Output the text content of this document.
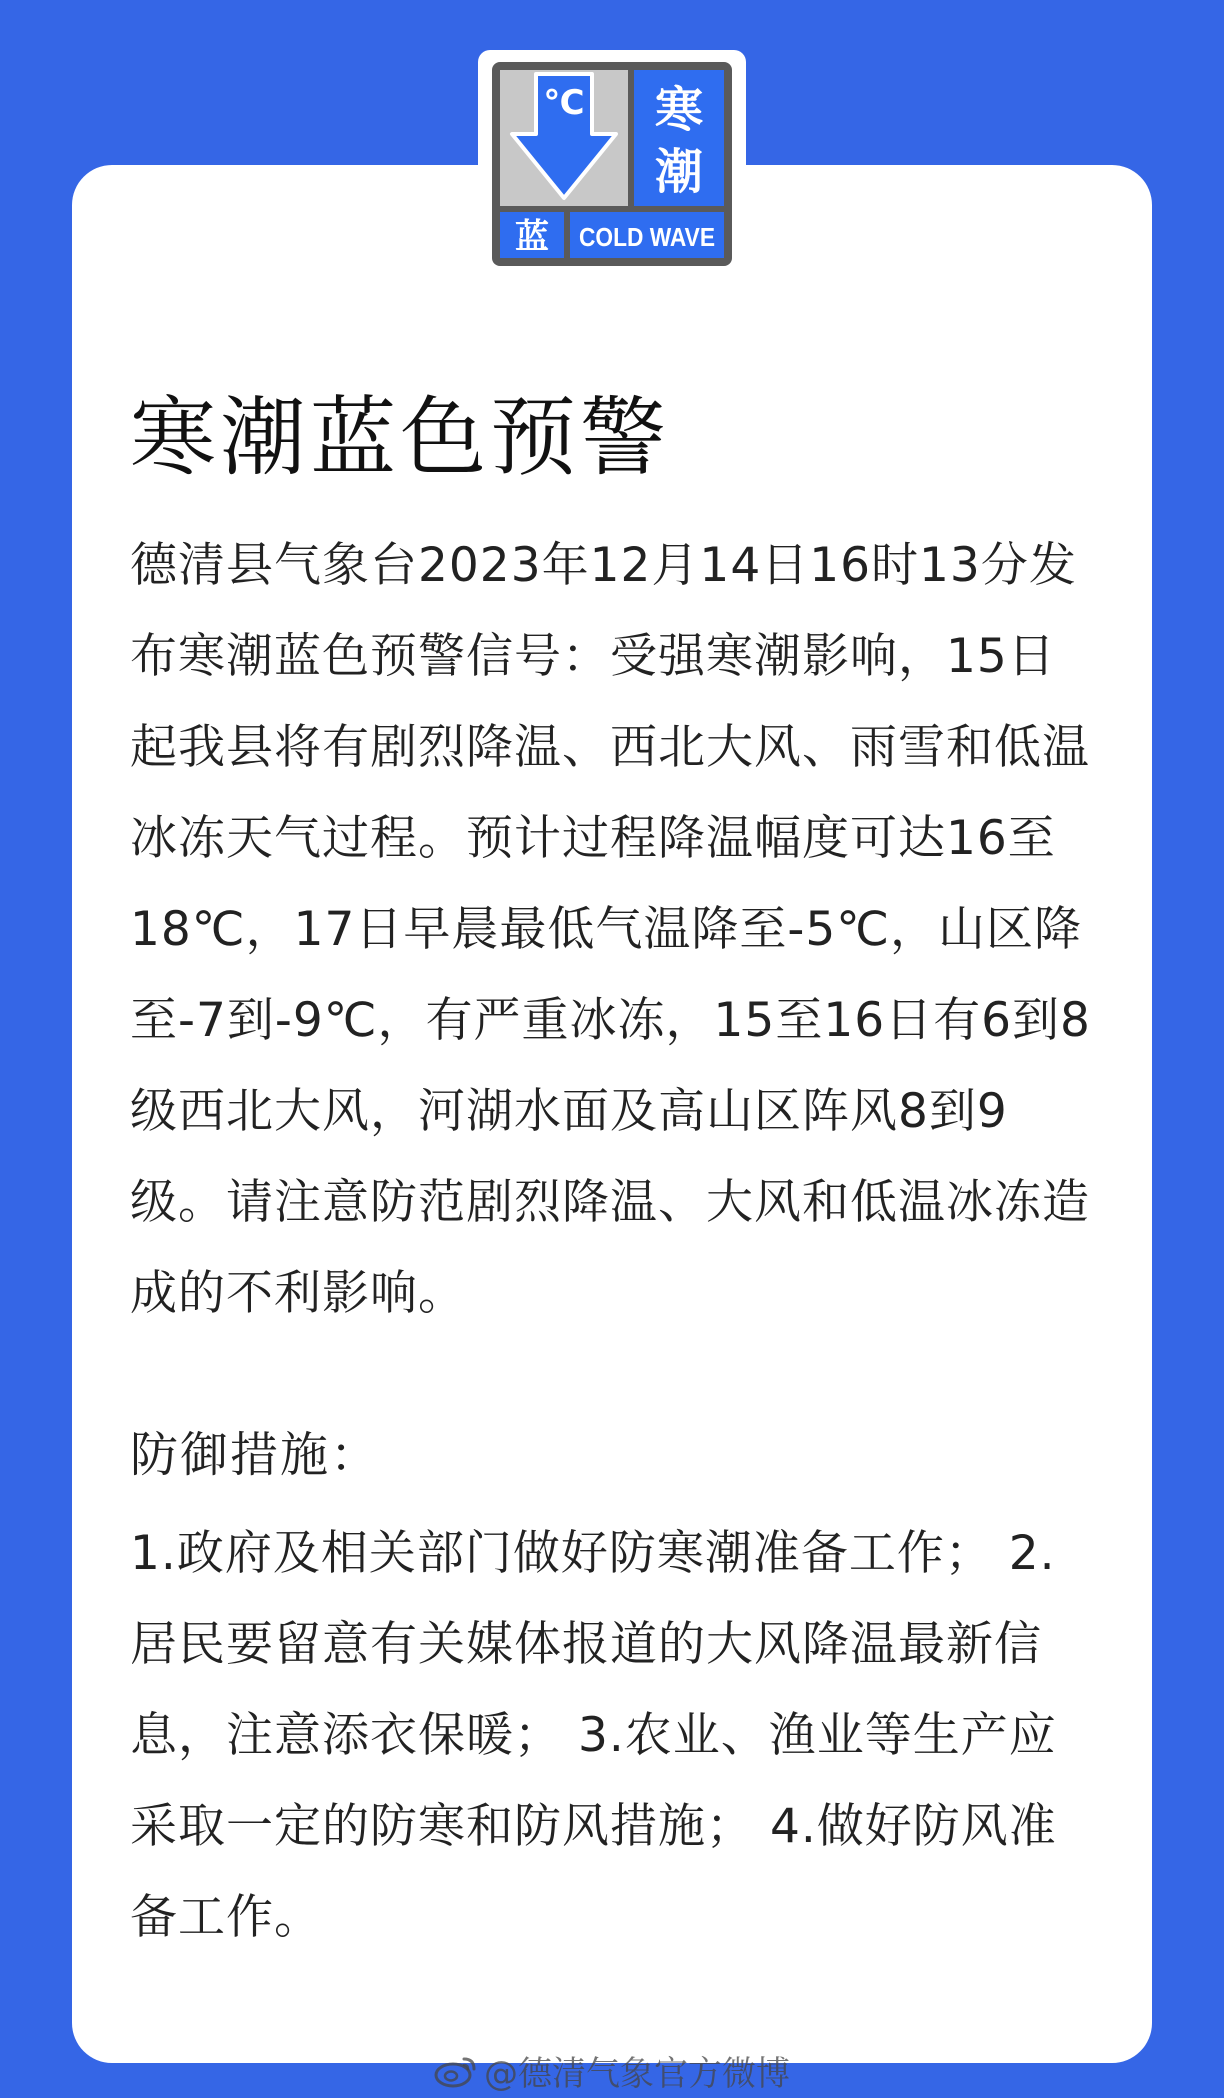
℃ 寒
潮
蓝 COLD WAVE
寒潮蓝色预警

德清县气象台2023年12月14日16时13分发布寒潮蓝色预警信号：受强寒潮影响，15日起我县将有剧烈降温、西北大风、雨雪和低温冰冻天气过程。预计过程降温幅度可达16至18℃，17日早晨最低气温降至-5℃，山区降至-7到-9℃，有严重冰冻，15至16日有6到8级西北大风，河湖水面及高山区阵风8到9级。请注意防范剧烈降温、大风和低温冰冻造成的不利影响。

防御措施：

1.政府及相关部门做好防寒潮准备工作； 2.居民要留意有关媒体报道的大风降温最新信息，注意添衣保暖； 3.农业、渔业等生产应采取一定的防寒和防风措施； 4.做好防风准备工作。

@德清气象官方微博
